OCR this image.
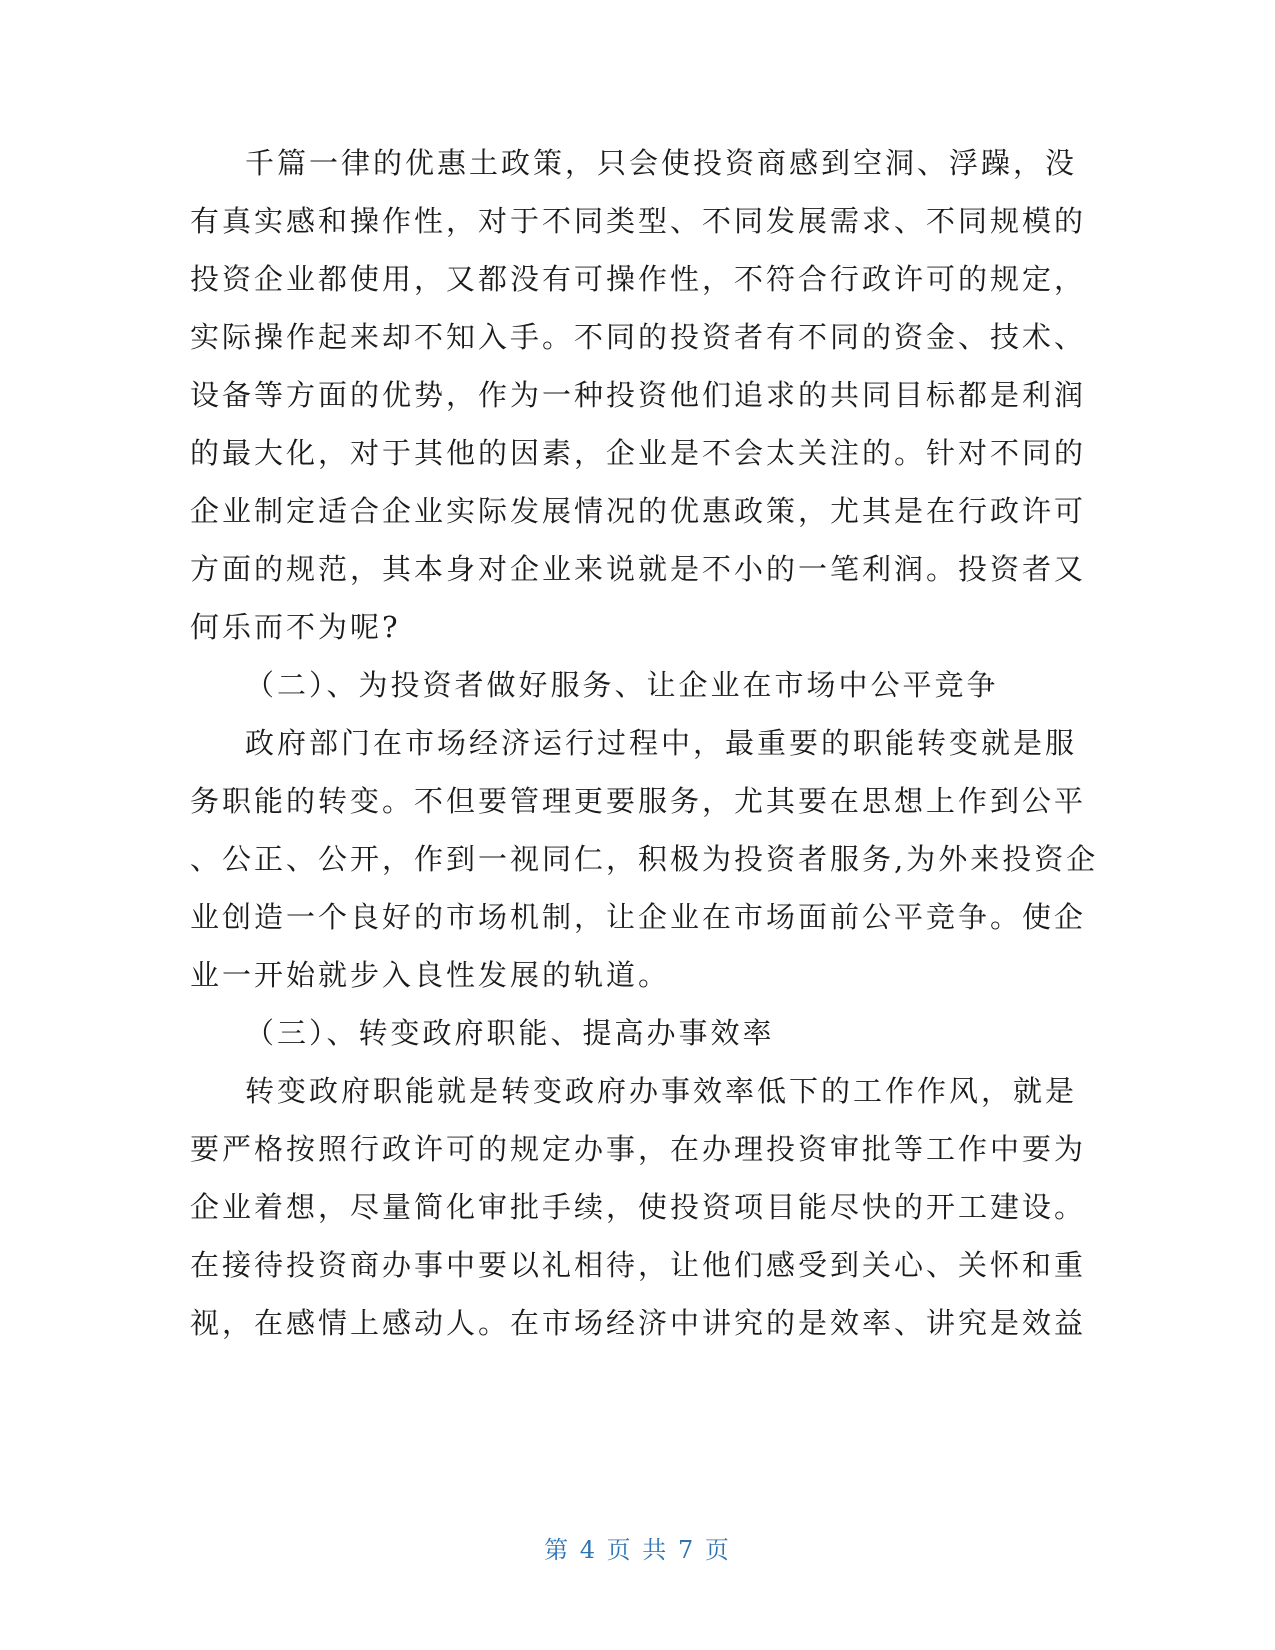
千篇一律的优惠土政策，只会使投资商感到空洞、浮躁，没
有真实感和操作性，对于不同类型、不同发展需求、不同规模的
投资企业都使用，又都没有可操作性，不符合行政许可的规定，
实际操作起来却不知入手。不同的投资者有不同的资金、技术、
设备等方面的优势，作为一种投资他们追求的共同目标都是利润
的最大化，对于其他的因素，企业是不会太关注的。针对不同的
企业制定适合企业实际发展情况的优惠政策，尤其是在行政许可
方面的规范，其本身对企业来说就是不小的一笔利润。投资者又
何乐而不为呢?
（二）、为投资者做好服务、让企业在市场中公平竞争
政府部门在市场经济运行过程中，最重要的职能转变就是服
务职能的转变。不但要管理更要服务，尤其要在思想上作到公平
、公正、公开，作到一视同仁，积极为投资者服务,为外来投资企
业创造一个良好的市场机制，让企业在市场面前公平竞争。使企
业一开始就步入良性发展的轨道。
（三）、转变政府职能、提高办事效率
转变政府职能就是转变政府办事效率低下的工作作风，就是
要严格按照行政许可的规定办事，在办理投资审批等工作中要为
企业着想，尽量简化审批手续，使投资项目能尽快的开工建设。
在接待投资商办事中要以礼相待，让他们感受到关心、关怀和重
视，在感情上感动人。在市场经济中讲究的是效率、讲究是效益
第 4 页 共 7 页
